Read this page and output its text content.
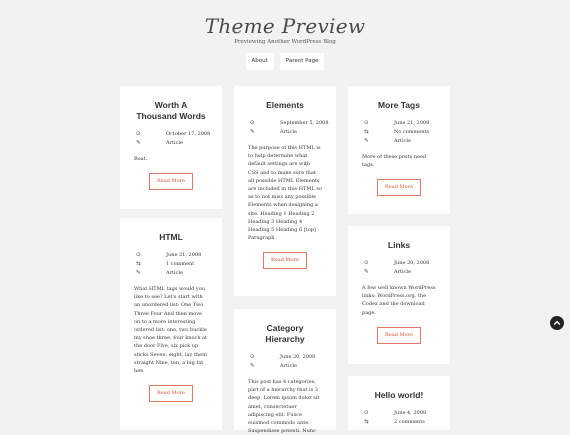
Theme Preview
Previewing Another WordPress Blog
About	Parent Page
Worth A Thousand Words
⊙	October 17, 2008
✎	Article

Boat.

Read More
HTML
⊙	June 21, 2008
⇆	1 comment
✎	Article

What HTML tags would you like to see? Let's start with an unordered list: One Two Three Four And then move on to a more interesting ordered list: one, two buckle my shoe three, four knock at the door Five, six pick up sticks Seven, eight, lay them straight Nine, ten, a big fat hen

Read More
Elements
⊙	September 5, 2008
✎	Article

The purpose of this HTML is to help determine what default settings are with CSS and to make sure that all possible HTML Elements are included in this HTML so as to not miss any possible Elements when designing a site. Heading 1 Heading 2 Heading 3 Heading 4 Heading 5 Heading 6 [top] Paragraph

Read More
Category Hierarchy
⊙	June 20, 2008
✎	Article

This post has 4 categories, part of a hierarchy that is 3 deep. Lorem ipsum dolor sit amet, consectetuer adipiscing elit. Fusce euismod commodo ante. Suspendisse potenti. Nunc

More Tags
⊙	June 21, 2008
⇆	No comments
✎	Article

More of these posts need tags.

Read More
Links
⊙	June 20, 2008
✎	Article

A few well known WordPress links: WordPress.org, the Codex and the download page.

Read More
Hello world!
⊙	June 4, 2008
⇆	2 comments
